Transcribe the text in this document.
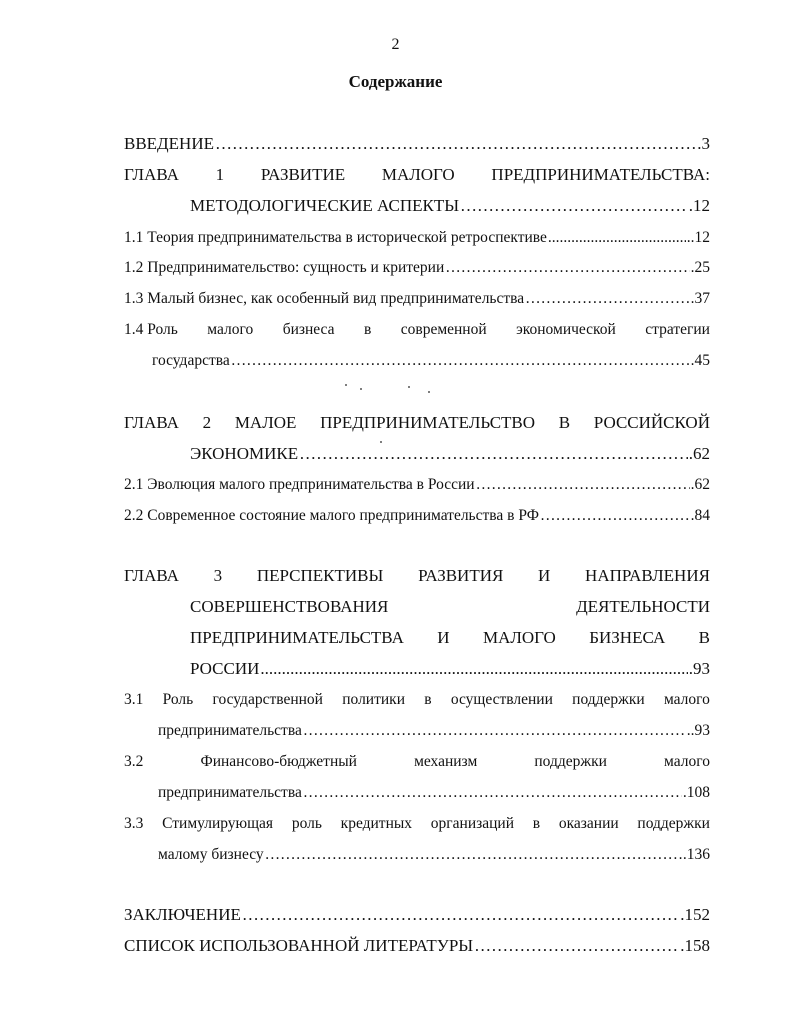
2
Содержание
ВВЕДЕНИЕ ……………………………………………………………………………………………………………………………………………………	.3
ГЛАВА 1 РАЗВИТИЕ МАЛОГО ПРЕДПРИНИМАТЕЛЬСТВА:
МЕТОДОЛОГИЧЕСКИЕ АСПЕКТЫ ……………………………………………………………………………………………………………………………………………………	.12
1.1 Теория предпринимательства в исторической ретроспективе .....	..12
1.2 Предпринимательство: сущность и критерии ……………………………………………………………………………………………………………………………………………………	.25
1.3 Малый бизнес, как особенный вид предпринимательства ……………………………………………………………………………………………………………………………………………………	.37
1.4 Роль малого бизнеса в современной экономической стратегии
государства ……………………………………………………………………………………………………………………………………………………	.45
ГЛАВА 2 МАЛОЕ ПРЕДПРИНИМАТЕЛЬСТВО В РОССИЙСКОЙ
ЭКОНОМИКЕ ……………………………………………………………………………………………………………………………………………………	.62
2.1 Эволюция малого предпринимательства в России ……………………………………………………………………………………………………………………………………………………	.62
2.2 Современное состояние малого предпринимательства в РФ ……………………………………………………………………………………………………………………………………………………	.84
ГЛАВА 3 ПЕРСПЕКТИВЫ РАЗВИТИЯ И НАПРАВЛЕНИЯ
СОВЕРШЕНСТВОВАНИЯ	ДЕЯТЕЛЬНОСТИ
ПРЕДПРИНИМАТЕЛЬСТВА И МАЛОГО БИЗНЕСА В
РОССИИ .....	.93
3.1 Роль государственной политики в осуществлении поддержки малого
предпринимательства ……………………………………………………………………………………………………………………………………………………	..93
3.2	Финансово-бюджетный	механизм	поддержки	малого
предпринимательства ……………………………………………………………………………………………………………………………………………………	.108
3.3 Стимулирующая роль кредитных организаций в оказании поддержки
малому бизнесу ……………………………………………………………………………………………………………………………………………………	.136
ЗАКЛЮЧЕНИЕ ……………………………………………………………………………………………………………………………………………………	.152
СПИСОК ИСПОЛЬЗОВАННОЙ ЛИТЕРАТУРЫ ……………………………………………………………………………………………………………………………………………………	.158
